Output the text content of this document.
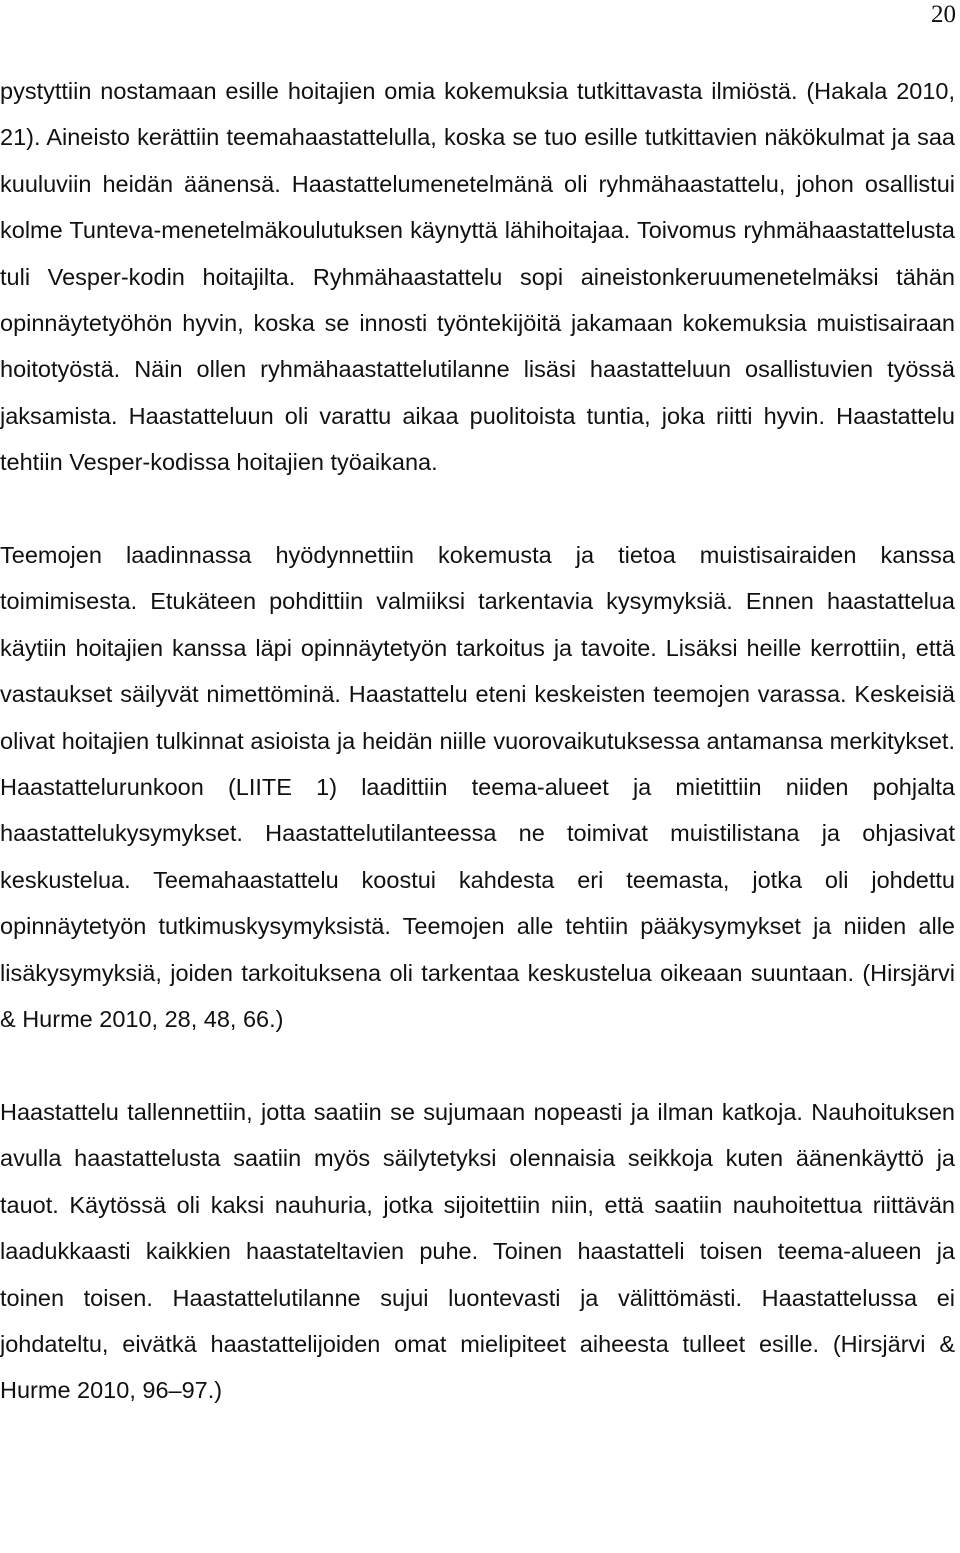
20

pystyttiin nostamaan esille hoitajien omia kokemuksia tutkittavasta ilmiöstä. (Hakala 2010, 21). Aineisto kerättiin teemahaastattelulla, koska se tuo esille tutkittavien näkökulmat ja saa kuuluviin heidän äänensä. Haastattelumenetelmänä oli ryhmähaastattelu, johon osallistui kolme Tunteva-menetelmäkoulutuksen käynyttä lähihoitajaa. Toivomus ryhmähaastattelusta tuli Vesper-kodin hoitajilta. Ryhmähaastattelu sopi aineistonkeruumenetelmäksi tähän opinnäytetyöhön hyvin, koska se innosti työntekijöitä jakamaan kokemuksia muistisairaan hoitotyöstä. Näin ollen ryhmähaastattelutilanne lisäsi haastatteluun osallistuvien työssä jaksamista. Haastatteluun oli varattu aikaa puolitoista tuntia, joka riitti hyvin. Haastattelu tehtiin Vesper-kodissa hoitajien työaikana.

Teemojen laadinnassa hyödynnettiin kokemusta ja tietoa muistisairaiden kanssa toimimisesta. Etukäteen pohdittiin valmiiksi tarkentavia kysymyksiä. Ennen haastattelua käytiin hoitajien kanssa läpi opinnäytetyön tarkoitus ja tavoite. Lisäksi heille kerrottiin, että vastaukset säilyvät nimettöminä. Haastattelu eteni keskeisten teemojen varassa. Keskeisiä olivat hoitajien tulkinnat asioista ja heidän niille vuorovaikutuksessa antamansa merkitykset. Haastattelurunkoon (LIITE 1) laadittiin teema-alueet ja mietittiin niiden pohjalta haastattelukysymykset. Haastattelutilanteessa ne toimivat muistilistana ja ohjasivat keskustelua. Teemahaastattelu koostui kahdesta eri teemasta, jotka oli johdettu opinnäytetyön tutkimuskysymyksistä. Teemojen alle tehtiin pääkysymykset ja niiden alle lisäkysymyksiä, joiden tarkoituksena oli tarkentaa keskustelua oikeaan suuntaan. (Hirsjärvi & Hurme 2010, 28, 48, 66.)

Haastattelu tallennettiin, jotta saatiin se sujumaan nopeasti ja ilman katkoja. Nauhoituksen avulla haastattelusta saatiin myös säilytetyksi olennaisia seikkoja kuten äänenkäyttö ja tauot. Käytössä oli kaksi nauhuria, jotka sijoitettiin niin, että saatiin nauhoitettua riittävän laadukkaasti kaikkien haastateltavien puhe. Toinen haastatteli toisen teema-alueen ja toinen toisen. Haastattelutilanne sujui luontevasti ja välittömästi. Haastattelussa ei johdateltu, eivätkä haastattelijoiden omat mielipiteet aiheesta tulleet esille. (Hirsjärvi & Hurme 2010, 96–97.)
